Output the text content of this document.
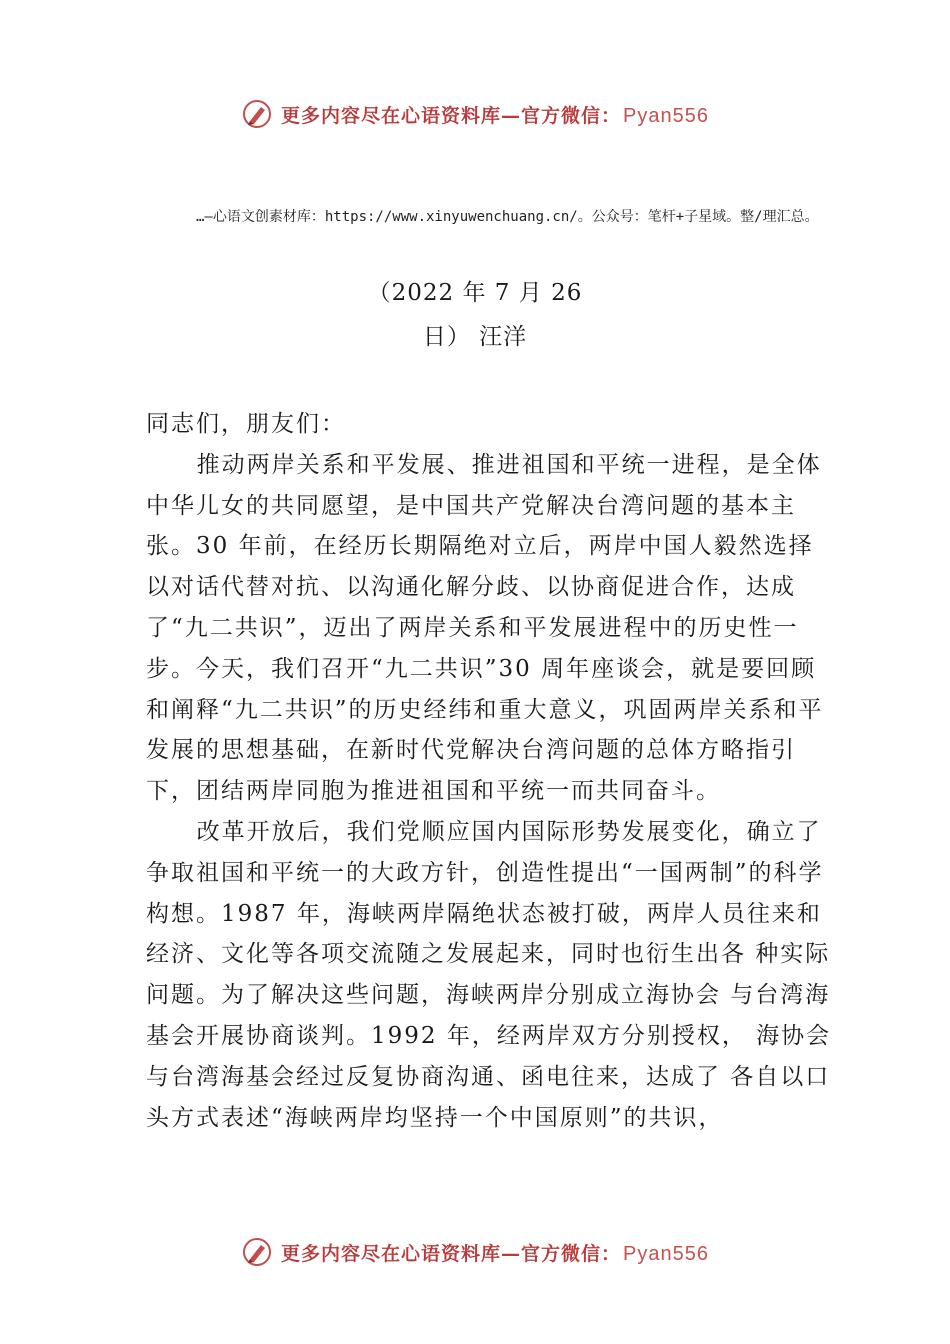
更多内容尽在心语资料库—官方微信： Pyan556
…—心语文创素材库：https://www.xinyuwenchuang.cn/。公众号：笔杆+子星域。整/理汇总。
（2022 年 7 月 26
日） 汪洋

同志们，朋友们：

推动两岸关系和平发展、推进祖国和平统一进程，是全体中华儿女的共同愿望，是中国共产党解决台湾问题的基本主张。30 年前，在经历长期隔绝对立后，两岸中国人毅然选择以对话代替对抗、以沟通化解分歧、以协商促进合作，达成了“九二共识”，迈出了两岸关系和平发展进程中的历史性一步。今天，我们召开“九二共识”30 周年座谈会，就是要回顾和阐释“九二共识”的历史经纬和重大意义，巩固两岸关系和平发展的思想基础，在新时代党解决台湾问题的总体方略指引下，团结两岸同胞为推进祖国和平统一而共同奋斗。

改革开放后，我们党顺应国内国际形势发展变化，确立了争取祖国和平统一的大政方针，创造性提出“一国两制”的科学构想。1987 年，海峡两岸隔绝状态被打破，两岸人员往来和经济、文化等各项交流随之发展起来，同时也衍生出各 种实际问题。为了解决这些问题，海峡两岸分别成立海协会 与台湾海基会开展协商谈判。1992 年，经两岸双方分别授权， 海协会与台湾海基会经过反复协商沟通、函电往来，达成了 各自以口头方式表述“海峡两岸均坚持一个中国原则”的共识，

更多内容尽在心语资料库—官方微信： Pyan556
